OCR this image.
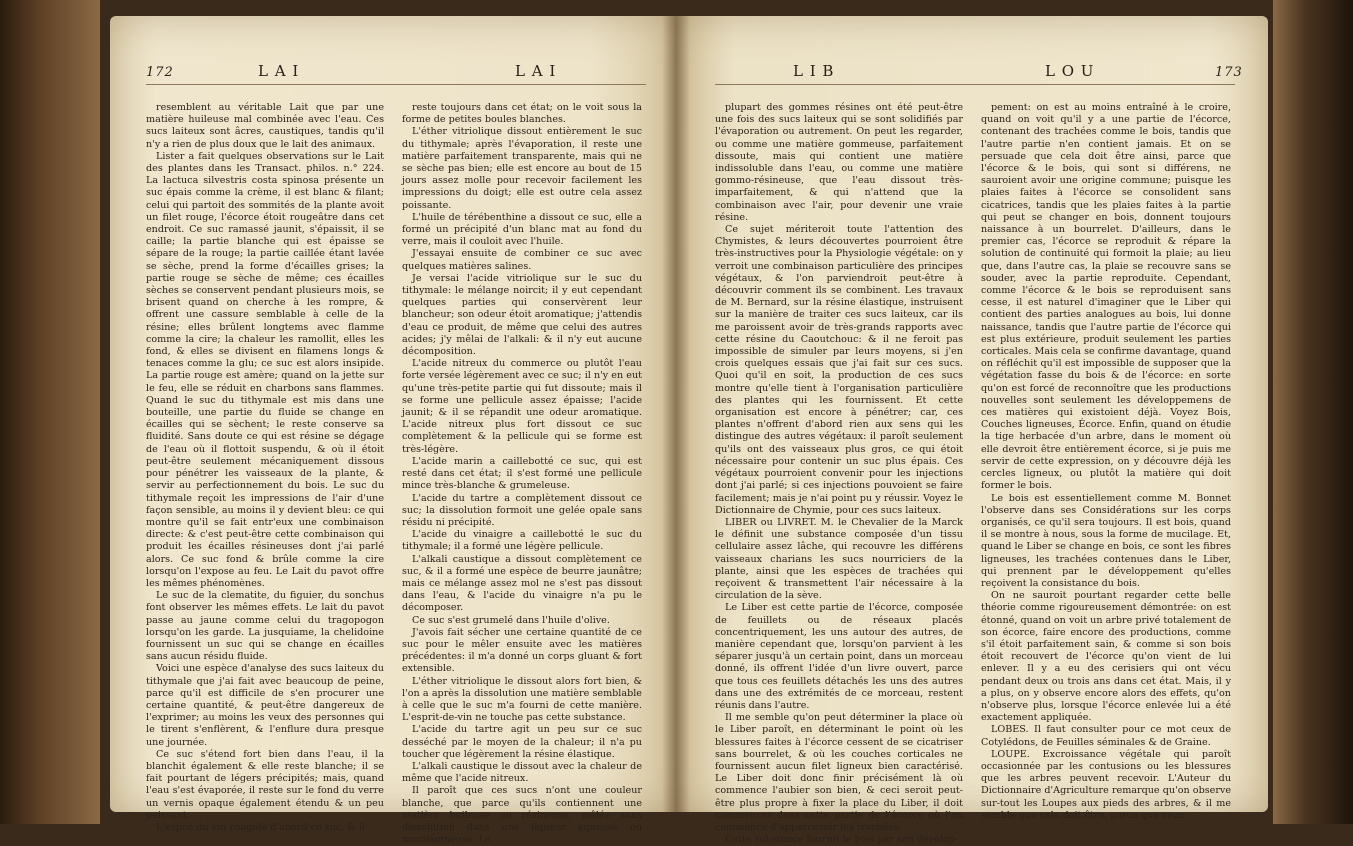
172	L A I	L A I

resemblent au véritable Lait que par une matière huileuse mal combinée avec l'eau. Ces sucs laiteux sont âcres, caustiques, tandis qu'il n'y a rien de plus doux que le lait des animaux.

Lister a fait quelques observations sur le Lait des plantes dans les Transact. philos. n.° 224. La lactuca silvestris costa spinosa présente un suc épais comme la crème, il est blanc & filant; celui qui partoit des sommités de la plante avoit un filet rouge, l'écorce étoit rougeâtre dans cet endroit. Ce suc ramassé jaunit, s'épaissit, il se caille; la partie blanche qui est épaisse se sépare de la rouge; la partie caillée étant lavée se sèche, prend la forme d'écailles grises; la partie rouge se sèche de même; ces écailles sèches se conservent pendant plusieurs mois, se brisent quand on cherche à les rompre, & offrent une cassure semblable à celle de la résine; elles brûlent longtems avec flamme comme la cire; la chaleur les ramollit, elles les fond, & elles se divisent en filamens longs & tenaces comme la glu; ce suc est alors insipide. La partie rouge est amère; quand on la jette sur le feu, elle se réduit en charbons sans flammes. Quand le suc du tithymale est mis dans une bouteille, une partie du fluide se change en écailles qui se sèchent; le reste conserve sa fluidité. Sans doute ce qui est résine se dégage de l'eau où il flottoit suspendu, & où il étoit peut-être seulement mécaniquement dissous pour pénétrer les vaisseaux de la plante, & servir au perfectionnement du bois. Le suc du tithymale reçoit les impressions de l'air d'une façon sensible, au moins il y devient bleu: ce qui montre qu'il se fait entr'eux une combinaison directe: & c'est peut-être cette combinaison qui produit les écailles résineuses dont j'ai parlé alors. Ce suc fond & brûle comme la cire lorsqu'on l'expose au feu. Le Lait du pavot offre les mêmes phénomènes.

Le suc de la clematite, du figuier, du sonchus font observer les mêmes effets. Le lait du pavot passe au jaune comme celui du tragopogon lorsqu'on les garde. La jusquiame, la chelidoine fournissent un suc qui se change en écailles sans aucun résidu fluide.

Voici une espèce d'analyse des sucs laiteux du tithymale que j'ai fait avec beaucoup de peine, parce qu'il est difficile de s'en procurer une certaine quantité, & peut-être dangereux de l'exprimer; au moins les veux des personnes qui le tirent s'enflèrent, & l'enflure dura presque une journée.

Ce suc s'étend fort bien dans l'eau, il la blanchit également & elle reste blanche; il se fait pourtant de légers précipités; mais, quand l'eau s'est évaporée, il reste sur le fond du verre un vernis opaque également étendu & un peu poissant.

L'esprit du vin coagule d'abord ce suc, & il

reste toujours dans cet état; on le voit sous la forme de petites boules blanches.

L'éther vitriolique dissout entièrement le suc du tithymale; après l'évaporation, il reste une matière parfaitement transparente, mais qui ne se sèche pas bien; elle est encore au bout de 15 jours assez molle pour recevoir facilement les impressions du doigt; elle est outre cela assez poissante.

L'huile de térébenthine a dissout ce suc, elle a formé un précipité d'un blanc mat au fond du verre, mais il couloit avec l'huile.

J'essayai ensuite de combiner ce suc avec quelques matières salines.

Je versai l'acide vitriolique sur le suc du tithymale: le mélange noircit; il y eut cependant quelques parties qui conservèrent leur blancheur; son odeur étoit aromatique; j'attendis d'eau ce produit, de même que celui des autres acides; j'y mêlai de l'alkali: & il n'y eut aucune décomposition.

L'acide nitreux du commerce ou plutôt l'eau forte versée légèrement avec ce suc; il n'y en eut qu'une très-petite partie qui fut dissoute; mais il se forme une pellicule assez épaisse; l'acide jaunit; & il se répandit une odeur aromatique. L'acide nitreux plus fort dissout ce suc complètement & la pellicule qui se forme est très-légère.

L'acide marin a caillebotté ce suc, qui est resté dans cet état; il s'est formé une pellicule mince très-blanche & grumeleuse.

L'acide du tartre a complètement dissout ce suc; la dissolution formoit une gelée opale sans résidu ni précipité.

L'acide du vinaigre a caillebotté le suc du tithymale; il a formé une légère pellicule.

L'alkali caustique a dissout complètement ce suc, & il a formé une espèce de beurre jaunâtre; mais ce mélange assez mol ne s'est pas dissout dans l'eau, & l'acide du vinaigre n'a pu le décomposer.

Ce suc s'est grumelé dans l'huile d'olive.

J'avois fait sécher une certaine quantité de ce suc pour le mêler ensuite avec les matières précédentes: il m'a donné un corps gluant & fort extensible.

L'éther vitriolique le dissout alors fort bien, & l'on a après la dissolution une matière semblable à celle que le suc m'a fourni de cette manière. L'esprit-de-vin ne touche pas cette substance.

L'acide du tartre agit un peu sur ce suc desséché par le moyen de la chaleur; il n'a pu toucher que légèrement la résine élastique.

L'alkali caustique le dissout avec la chaleur de même que l'acide nitreux.

Il paroît que ces sucs n'ont une couleur blanche, que parce qu'ils contiennent une matière huileuse ou résineuse, mêlée sans dissolution dans une liqueur aqueuse ou mucilagineuse. Le

L I B	L O U	173

plupart des gommes résines ont été peut-être une fois des sucs laiteux qui se sont solidifiés par l'évaporation ou autrement. On peut les regarder, ou comme une matière gommeuse, parfaitement dissoute, mais qui contient une matière indissoluble dans l'eau, ou comme une matière gommo-résineuse, que l'eau dissout très-imparfaitement, & qui n'attend que la combinaison avec l'air, pour devenir une vraie résine.

Ce sujet mériteroit toute l'attention des Chymistes, & leurs découvertes pourroient être très-instructives pour la Physiologie végétale: on y verroit une combinaison particulière des principes végétaux, & l'on parviendroit peut-être à découvrir comment ils se combinent. Les travaux de M. Bernard, sur la résine élastique, instruisent sur la manière de traiter ces sucs laiteux, car ils me paroissent avoir de très-grands rapports avec cette résine du Caoutchouc: & il ne feroit pas impossible de simuler par leurs moyens, si j'en crois quelques essais que j'ai fait sur ces sucs. Quoi qu'il en soit, la production de ces sucs montre qu'elle tient à l'organisation particulière des plantes qui les fournissent. Et cette organisation est encore à pénétrer; car, ces plantes n'offrent d'abord rien aux sens qui les distingue des autres végétaux: il paroît seulement qu'ils ont des vaisseaux plus gros, ce qui étoit nécessaire pour contenir un suc plus épais. Ces végétaux pourroient convenir pour les injections dont j'ai parlé; si ces injections pouvoient se faire facilement; mais je n'ai point pu y réussir. Voyez le Dictionnaire de Chymie, pour ces sucs laiteux.

LIBER ou LIVRET. M. le Chevalier de la Marck le définit une substance composée d'un tissu cellulaire assez lâche, qui recouvre les différens vaisseaux charians les sucs nourriciers de la plante, ainsi que les espèces de trachées qui reçoivent & transmettent l'air nécessaire à la circulation de la sève.

Le Liber est cette partie de l'écorce, composée de feuillets ou de réseaux placés concentriquement, les uns autour des autres, de manière cependant que, lorsqu'on parvient à les séparer jusqu'à un certain point, dans un morceau donné, ils offrent l'idée d'un livre ouvert, parce que tous ces feuillets détachés les uns des autres dans une des extrémités de ce morceau, restent réunis dans l'autre.

Il me semble qu'on peut déterminer la place où le Liber paroît, en déterminant le point où les blessures faites à l'écorce cessent de se cicatriser sans bourrelet, & où les couches corticales ne fournissent aucun filet ligneux bien caractérisé. Le Liber doit donc finir précisément là où commence l'aubier son bien, & ceci seroit peut-être plus propre à fixer la place du Liber, il doit commencer dans cette partie de l'écorce où l'on commence d'appercevoir les trachées.

Cette substance fournit le bois par son dévelop-

pement: on est au moins entraîné à le croire, quand on voit qu'il y a une partie de l'écorce, contenant des trachées comme le bois, tandis que l'autre partie n'en contient jamais. Et on se persuade que cela doit être ainsi, parce que l'écorce & le bois, qui sont si différens, ne sauroient avoir une origine commune; puisque les plaies faites à l'écorce se consolident sans cicatrices, tandis que les plaies faites à la partie qui peut se changer en bois, donnent toujours naissance à un bourrelet. D'ailleurs, dans le premier cas, l'écorce se reproduit & répare la solution de continuité qui formoit la plaie; au lieu que, dans l'autre cas, la plaie se recouvre sans se souder, avec la partie reproduite. Cependant, comme l'écorce & le bois se reproduisent sans cesse, il est naturel d'imaginer que le Liber qui contient des parties analogues au bois, lui donne naissance, tandis que l'autre partie de l'écorce qui est plus extérieure, produit seulement les parties corticales. Mais cela se confirme davantage, quand on réfléchit qu'il est impossible de supposer que la végétation fasse du bois & de l'écorce: en sorte qu'on est forcé de reconnoître que les productions nouvelles sont seulement les développemens de ces matières qui existoient déjà. Voyez Bois, Couches ligneuses, Écorce. Enfin, quand on étudie la tige herbacée d'un arbre, dans le moment où elle devroit être entièrement écorce, si je puis me servir de cette expression, on y découvre déjà les cercles ligneux, ou plutôt la matière qui doit former le bois.

Le bois est essentiellement comme M. Bonnet l'observe dans ses Considérations sur les corps organisés, ce qu'il sera toujours. Il est bois, quand il se montre à nous, sous la forme de mucilage. Et, quand le Liber se change en bois, ce sont les fibres ligneuses, les trachées contenues dans le Liber, qui prennent par le développement qu'elles reçoivent la consistance du bois.

On ne sauroit pourtant regarder cette belle théorie comme rigoureusement démontrée: on est étonné, quand on voit un arbre privé totalement de son écorce, faire encore des productions, comme s'il étoit parfaitement sain, & comme si son bois étoit recouvert de l'écorce qu'on vient de lui enlever. Il y a eu des cerisiers qui ont vécu pendant deux ou trois ans dans cet état. Mais, il y a plus, on y observe encore alors des effets, qu'on n'observe plus, lorsque l'écorce enlevée lui a été exactement appliquée.

LOBES. Il faut consulter pour ce mot ceux de Cotylédons, de Feuilles séminales & de Graine.

LOUPE. Excroissance végétale qui paroît occasionnée par les contusions ou les blessures que les arbres peuvent recevoir. L'Auteur du Dictionnaire d'Agriculture remarque qu'on observe sur-tout les Loupes aux pieds des arbres, & il me semble que cela doit être, parce que ceux
